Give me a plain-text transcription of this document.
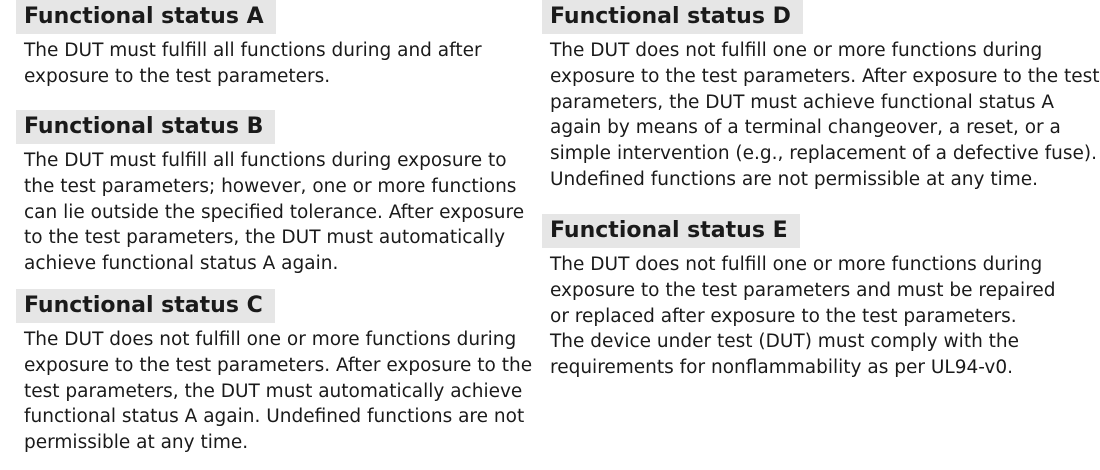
Functional status A
The DUT must fulfill all functions during and after
exposure to the test parameters.
Functional status B
The DUT must fulfill all functions during exposure to
the test parameters; however, one or more functions
can lie outside the specified tolerance. After exposure
to the test parameters, the DUT must automatically
achieve functional status A again.
Functional status C
The DUT does not fulfill one or more functions during
exposure to the test parameters. After exposure to the
test parameters, the DUT must automatically achieve
functional status A again. Undefined functions are not
permissible at any time.
Functional status D
The DUT does not fulfill one or more functions during
exposure to the test parameters. After exposure to the test
parameters, the DUT must achieve functional status A
again by means of a terminal changeover, a reset, or a
simple intervention (e.g., replacement of a defective fuse).
Undefined functions are not permissible at any time.
Functional status E
The DUT does not fulfill one or more functions during
exposure to the test parameters and must be repaired
or replaced after exposure to the test parameters.
The device under test (DUT) must comply with the
requirements for nonflammability as per UL94-v0.
